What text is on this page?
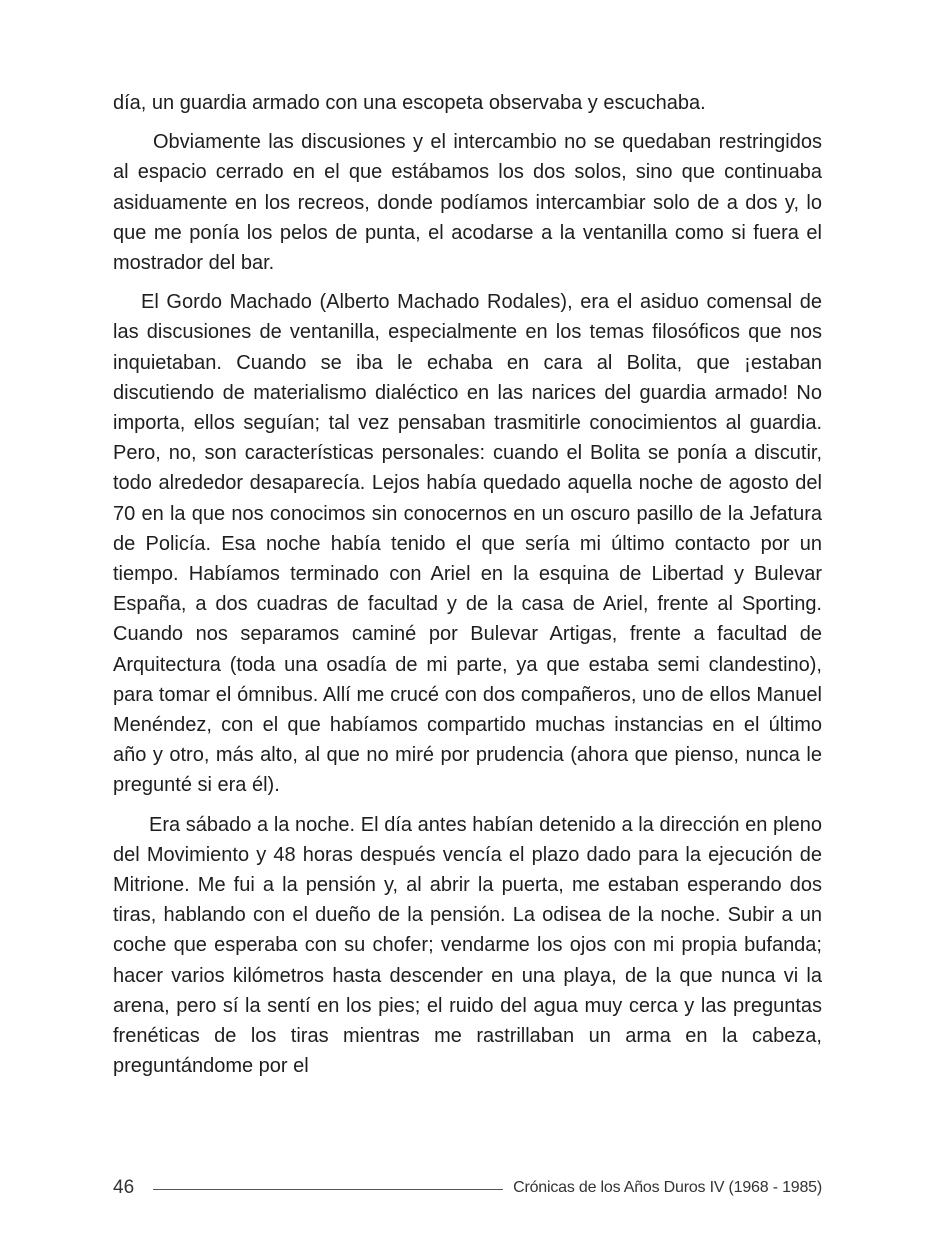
día, un guardia armado con una escopeta observaba y escuchaba.

Obviamente las discusiones y el intercambio no se quedaban restringidos al espacio cerrado en el que estábamos los dos solos, sino que continuaba asiduamente en los recreos, donde podíamos intercambiar solo de a dos y, lo que me ponía los pelos de punta, el acodarse a la ventanilla como si fuera el mostrador del bar.

El Gordo Machado (Alberto Machado Rodales), era el asiduo comensal de las discusiones de ventanilla, especialmente en los temas filosóficos que nos inquietaban. Cuando se iba le echaba en cara al Bolita, que ¡estaban discutiendo de materialismo dialéctico en las narices del guardia armado! No importa, ellos seguían; tal vez pensaban trasmitirle conocimientos al guardia. Pero, no, son características personales: cuando el Bolita se ponía a discutir, todo alrededor desaparecía. Lejos había quedado aquella noche de agosto del 70 en la que nos conocimos sin conocernos en un oscuro pasillo de la Jefatura de Policía. Esa noche había tenido el que sería mi último contacto por un tiempo. Habíamos terminado con Ariel en la esquina de Libertad y Bulevar España, a dos cuadras de facultad y de la casa de Ariel, frente al Sporting. Cuando nos separamos caminé por Bulevar Artigas, frente a facultad de Arquitectura (toda una osadía de mi parte, ya que estaba semi clandestino), para tomar el ómnibus. Allí me crucé con dos compañeros, uno de ellos Manuel Menéndez, con el que habíamos compartido muchas instancias en el último año y otro, más alto, al que no miré por prudencia (ahora que pienso, nunca le pregunté si era él).

Era sábado a la noche. El día antes habían detenido a la dirección en pleno del Movimiento y 48 horas después vencía el plazo dado para la ejecución de Mitrione. Me fui a la pensión y, al abrir la puerta, me estaban esperando dos tiras, hablando con el dueño de la pensión. La odisea de la noche. Subir a un coche que esperaba con su chofer; vendarme los ojos con mi propia bufanda; hacer varios kilómetros hasta descender en una playa, de la que nunca vi la arena, pero sí la sentí en los pies; el ruido del agua muy cerca y las preguntas frenéticas de los tiras mientras me rastrillaban un arma en la cabeza, preguntándome por el

46	Crónicas de los Años Duros IV (1968 - 1985)
